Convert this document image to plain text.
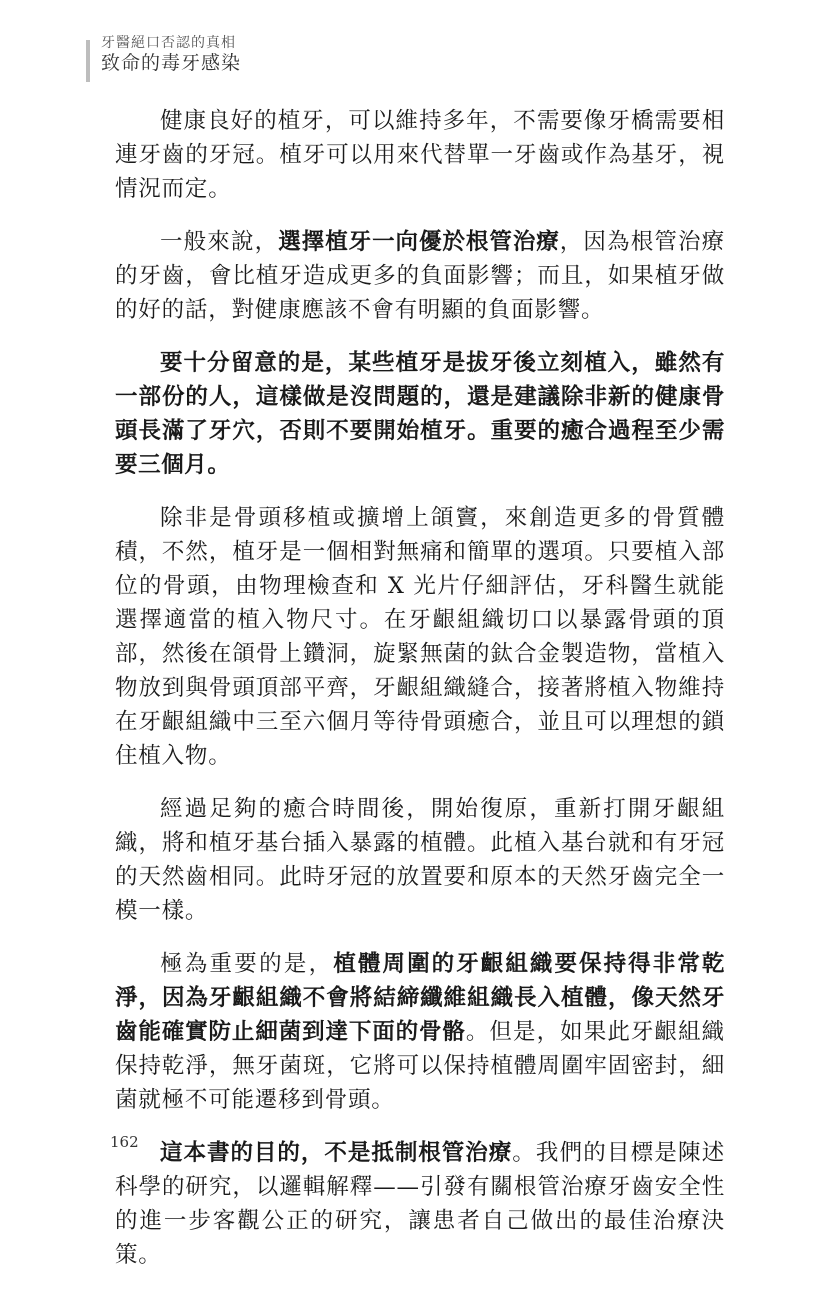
牙醫絕口否認的真相
致命的毒牙感染

健康良好的植牙，可以維持多年，不需要像牙橋需要相連牙齒的牙冠。植牙可以用來代替單一牙齒或作為基牙，視情況而定。

一般來說，選擇植牙一向優於根管治療，因為根管治療的牙齒，會比植牙造成更多的負面影響；而且，如果植牙做的好的話，對健康應該不會有明顯的負面影響。

要十分留意的是，某些植牙是拔牙後立刻植入，雖然有一部份的人，這樣做是沒問題的，還是建議除非新的健康骨頭長滿了牙穴，否則不要開始植牙。重要的癒合過程至少需要三個月。

除非是骨頭移植或擴增上頜竇，來創造更多的骨質體積，不然，植牙是一個相對無痛和簡單的選項。只要植入部位的骨頭，由物理檢查和 X 光片仔細評估，牙科醫生就能選擇適當的植入物尺寸。在牙齦組織切口以暴露骨頭的頂部，然後在頜骨上鑽洞，旋緊無菌的鈦合金製造物，當植入物放到與骨頭頂部平齊，牙齦組織縫合，接著將植入物維持在牙齦組織中三至六個月等待骨頭癒合，並且可以理想的鎖住植入物。

經過足夠的癒合時間後，開始復原，重新打開牙齦組織，將和植牙基台插入暴露的植體。此植入基台就和有牙冠的天然齒相同。此時牙冠的放置要和原本的天然牙齒完全一模一樣。

極為重要的是，植體周圍的牙齦組織要保持得非常乾淨，因為牙齦組織不會將結締纖維組織長入植體，像天然牙齒能確實防止細菌到達下面的骨骼。但是，如果此牙齦組織保持乾淨，無牙菌斑，它將可以保持植體周圍牢固密封，細菌就極不可能遷移到骨頭。

這本書的目的，不是抵制根管治療。我們的目標是陳述科學的研究，以邏輯解釋——引發有關根管治療牙齒安全性的進一步客觀公正的研究，讓患者自己做出的最佳治療決策。

162
